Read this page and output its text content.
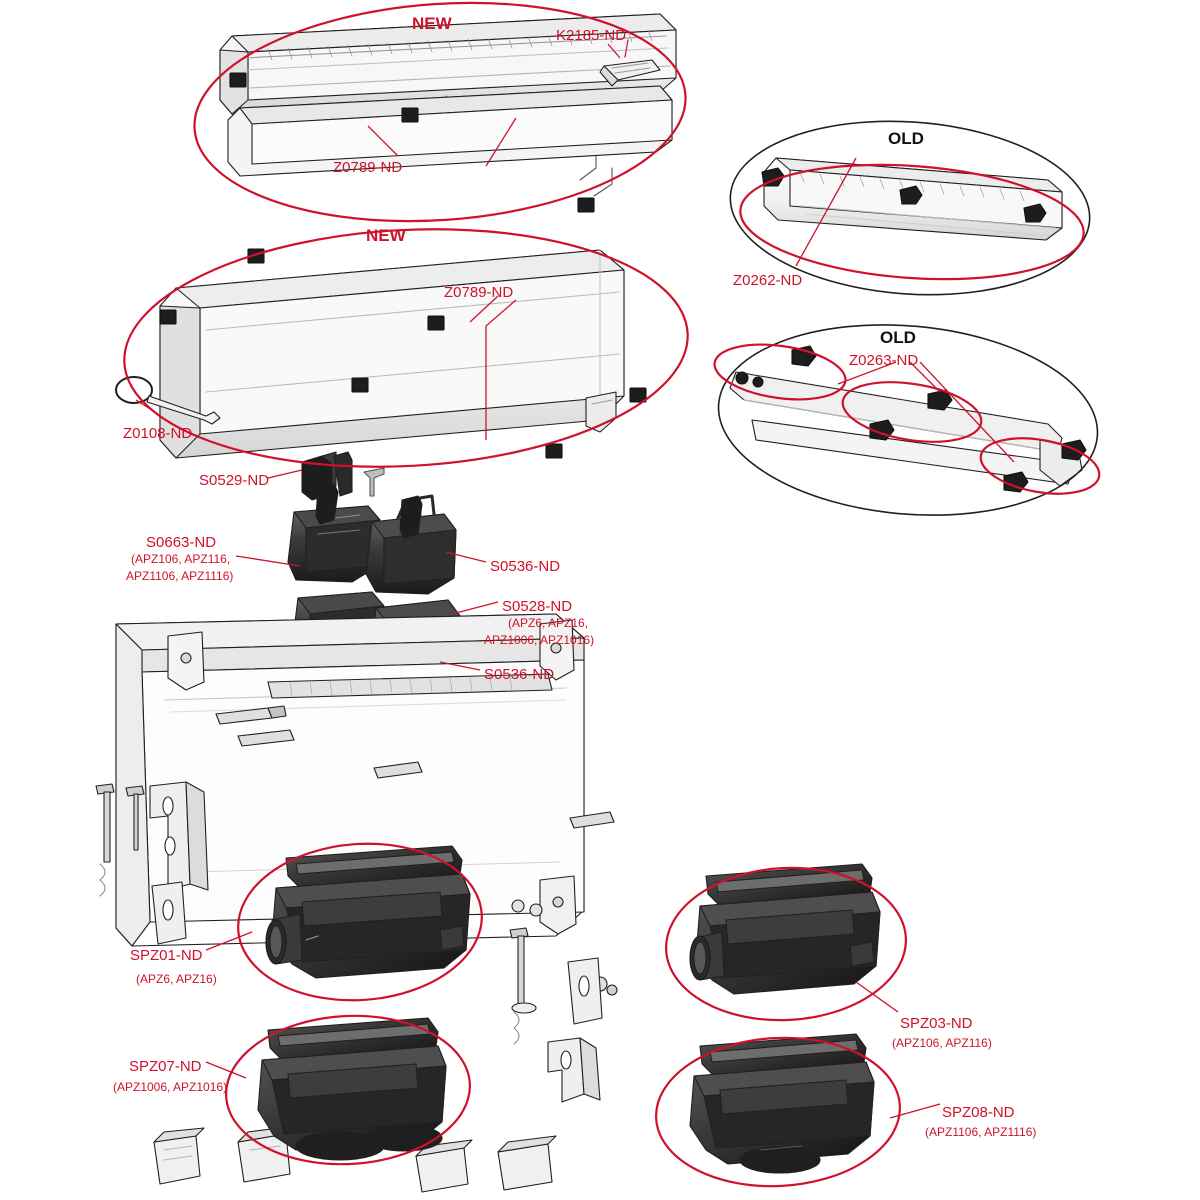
NEW
K2185-ND
Z0789-ND
OLD
Z0262-ND
NEW
Z0789-ND
OLD
Z0263-ND
Z0108-ND
S0529-ND
S0663-ND
(APZ106, APZ116,
APZ1106, APZ1116)
S0536-ND
S0528-ND
(APZ6, APZ16,
APZ1006, APZ1016)
S0536-ND
SPZ01-ND
(APZ6, APZ16)
SPZ07-ND
(APZ1006, APZ1016)
SPZ03-ND
(APZ106, APZ116)
SPZ08-ND
(APZ1106, APZ1116)
